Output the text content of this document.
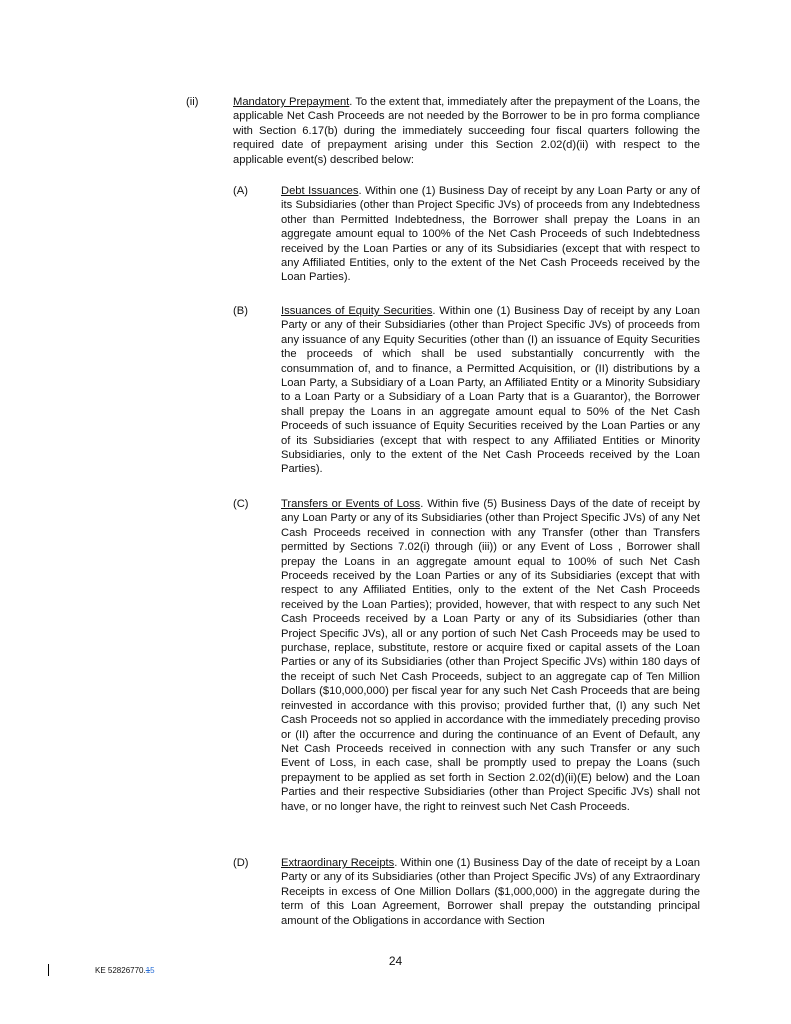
(ii)	Mandatory Prepayment. To the extent that, immediately after the prepayment of the Loans, the applicable Net Cash Proceeds are not needed by the Borrower to be in pro forma compliance with Section 6.17(b) during the immediately succeeding four fiscal quarters following the required date of prepayment arising under this Section 2.02(d)(ii) with respect to the applicable event(s) described below:
(A)	Debt Issuances. Within one (1) Business Day of receipt by any Loan Party or any of its Subsidiaries (other than Project Specific JVs) of proceeds from any Indebtedness other than Permitted Indebtedness, the Borrower shall prepay the Loans in an aggregate amount equal to 100% of the Net Cash Proceeds of such Indebtedness received by the Loan Parties or any of its Subsidiaries (except that with respect to any Affiliated Entities, only to the extent of the Net Cash Proceeds received by the Loan Parties).
(B)	Issuances of Equity Securities. Within one (1) Business Day of receipt by any Loan Party or any of their Subsidiaries (other than Project Specific JVs) of proceeds from any issuance of any Equity Securities (other than (I) an issuance of Equity Securities the proceeds of which shall be used substantially concurrently with the consummation of, and to finance, a Permitted Acquisition, or (II) distributions by a Loan Party, a Subsidiary of a Loan Party, an Affiliated Entity or a Minority Subsidiary to a Loan Party or a Subsidiary of a Loan Party that is a Guarantor), the Borrower shall prepay the Loans in an aggregate amount equal to 50% of the Net Cash Proceeds of such issuance of Equity Securities received by the Loan Parties or any of its Subsidiaries (except that with respect to any Affiliated Entities or Minority Subsidiaries, only to the extent of the Net Cash Proceeds received by the Loan Parties).
(C)	Transfers or Events of Loss. Within five (5) Business Days of the date of receipt by any Loan Party or any of its Subsidiaries (other than Project Specific JVs) of any Net Cash Proceeds received in connection with any Transfer (other than Transfers permitted by Sections 7.02(i) through (iii)) or any Event of Loss , Borrower shall prepay the Loans in an aggregate amount equal to 100% of such Net Cash Proceeds received by the Loan Parties or any of its Subsidiaries (except that with respect to any Affiliated Entities, only to the extent of the Net Cash Proceeds received by the Loan Parties); provided, however, that with respect to any such Net Cash Proceeds received by a Loan Party or any of its Subsidiaries (other than Project Specific JVs), all or any portion of such Net Cash Proceeds may be used to purchase, replace, substitute, restore or acquire fixed or capital assets of the Loan Parties or any of its Subsidiaries (other than Project Specific JVs) within 180 days of the receipt of such Net Cash Proceeds, subject to an aggregate cap of Ten Million Dollars ($10,000,000) per fiscal year for any such Net Cash Proceeds that are being reinvested in accordance with this proviso; provided further that, (I) any such Net Cash Proceeds not so applied in accordance with the immediately preceding proviso or (II) after the occurrence and during the continuance of an Event of Default, any Net Cash Proceeds received in connection with any such Transfer or any such Event of Loss, in each case, shall be promptly used to prepay the Loans (such prepayment to be applied as set forth in Section 2.02(d)(ii)(E) below) and the Loan Parties and their respective Subsidiaries (other than Project Specific JVs) shall not have, or no longer have, the right to reinvest such Net Cash Proceeds.
(D)	Extraordinary Receipts. Within one (1) Business Day of the date of receipt by a Loan Party or any of its Subsidiaries (other than Project Specific JVs) of any Extraordinary Receipts in excess of One Million Dollars ($1,000,000) in the aggregate during the term of this Loan Agreement, Borrower shall prepay the outstanding principal amount of the Obligations in accordance with Section
24
KE 52826770.15
